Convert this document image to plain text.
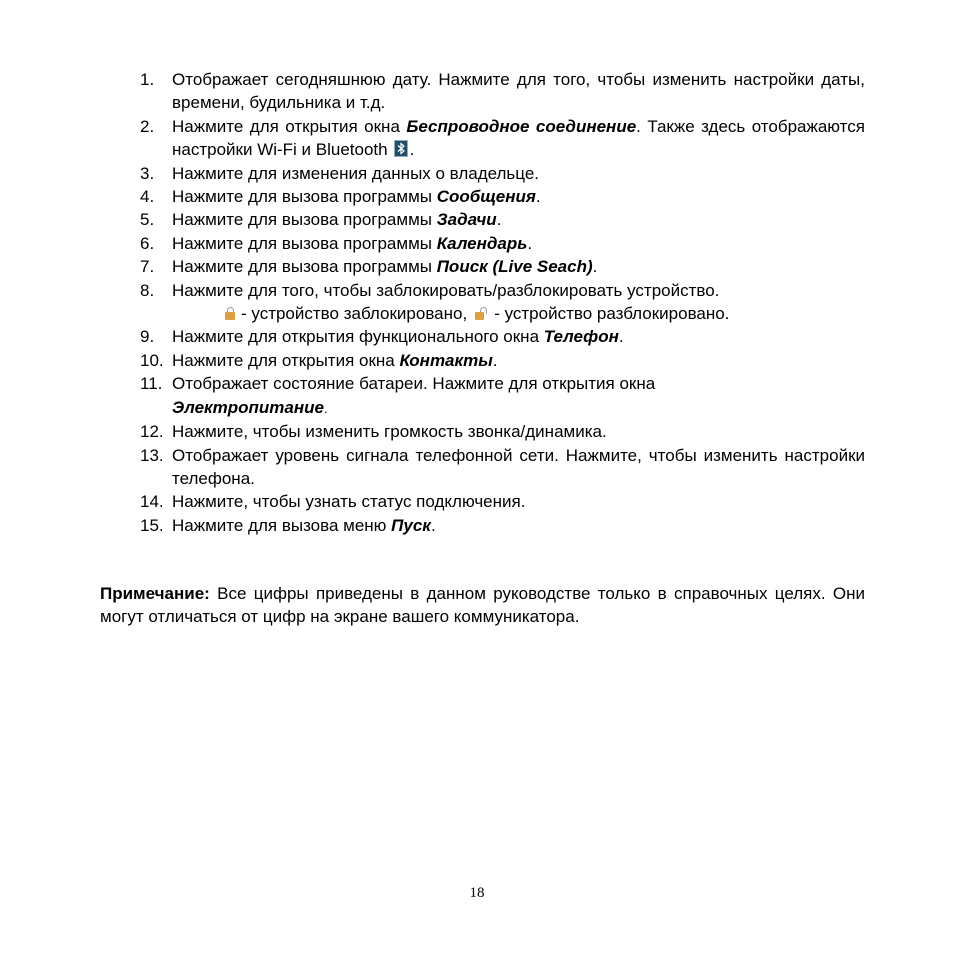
1.	Отображает сегодняшнюю дату. Нажмите для того, чтобы изменить настройки даты, времени, будильника и т.д.
2.	Нажмите для открытия окна Беспроводное соединение. Также здесь отображаются настройки Wi-Fi и Bluetooth .
3.	Нажмите для изменения данных о владельце.
4.	Нажмите для вызова программы Сообщения.
5.	Нажмите для вызова программы Задачи.
6.	Нажмите для вызова программы Календарь.
7.	Нажмите для вызова программы Поиск (Live Seach).
8.	Нажмите для того, чтобы заблокировать/разблокировать устройство.
- устройство заблокировано, - устройство разблокировано.
9.	Нажмите для открытия функционального окна Телефон.
10. Нажмите для открытия окна Контакты.
11. Отображает состояние батареи. Нажмите для открытия окна
Электропитание.
12. Нажмите, чтобы изменить громкость звонка/динамика.
13. Отображает уровень сигнала телефонной сети. Нажмите, чтобы изменить настройки телефона.
14. Нажмите, чтобы узнать статус подключения.
15. Нажмите для вызова меню Пуск.
Примечание: Все цифры приведены в данном руководстве только в справочных целях. Они могут отличаться от цифр на экране вашего коммуникатора.
18
